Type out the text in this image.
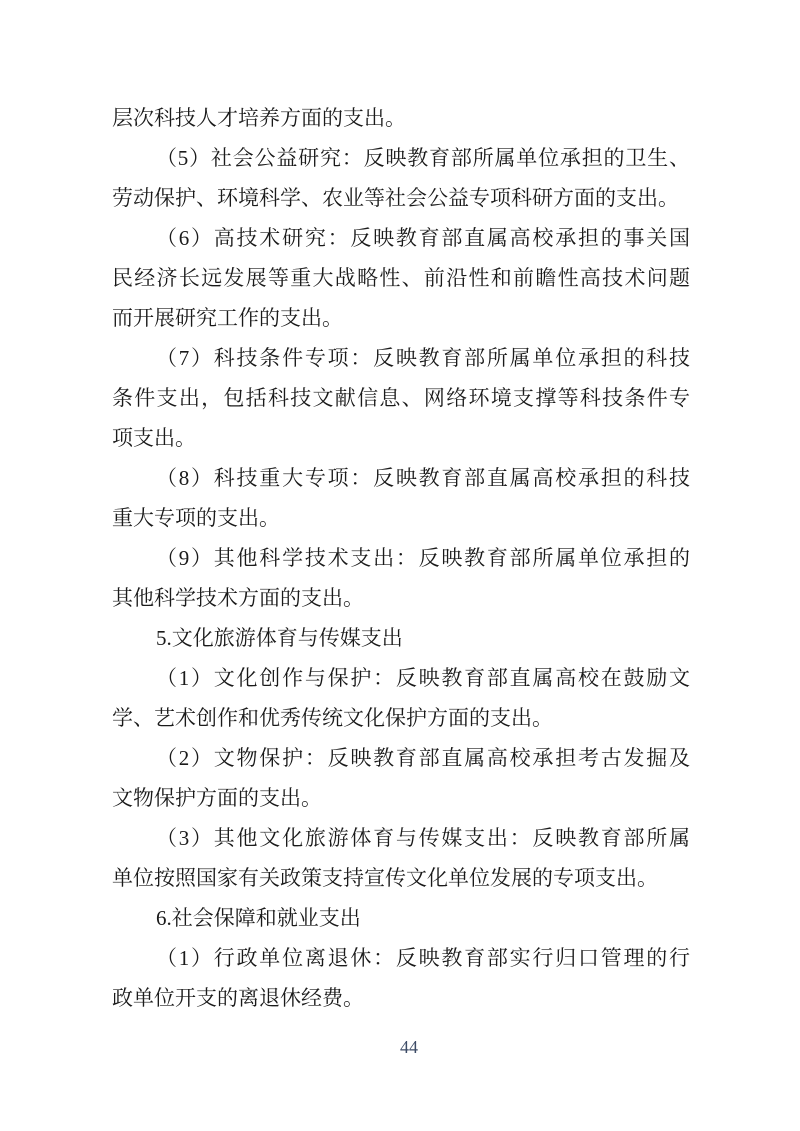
层次科技人才培养方面的支出。
（5）社会公益研究：反映教育部所属单位承担的卫生、
劳动保护、环境科学、农业等社会公益专项科研方面的支出。
（6）高技术研究：反映教育部直属高校承担的事关国
民经济长远发展等重大战略性、前沿性和前瞻性高技术问题
而开展研究工作的支出。
（7）科技条件专项：反映教育部所属单位承担的科技
条件支出，包括科技文献信息、网络环境支撑等科技条件专
项支出。
（8）科技重大专项：反映教育部直属高校承担的科技
重大专项的支出。
（9）其他科学技术支出：反映教育部所属单位承担的
其他科学技术方面的支出。
5.文化旅游体育与传媒支出
（1）文化创作与保护：反映教育部直属高校在鼓励文
学、艺术创作和优秀传统文化保护方面的支出。
（2）文物保护：反映教育部直属高校承担考古发掘及
文物保护方面的支出。
（3）其他文化旅游体育与传媒支出：反映教育部所属
单位按照国家有关政策支持宣传文化单位发展的专项支出。
6.社会保障和就业支出
（1）行政单位离退休：反映教育部实行归口管理的行
政单位开支的离退休经费。
44
